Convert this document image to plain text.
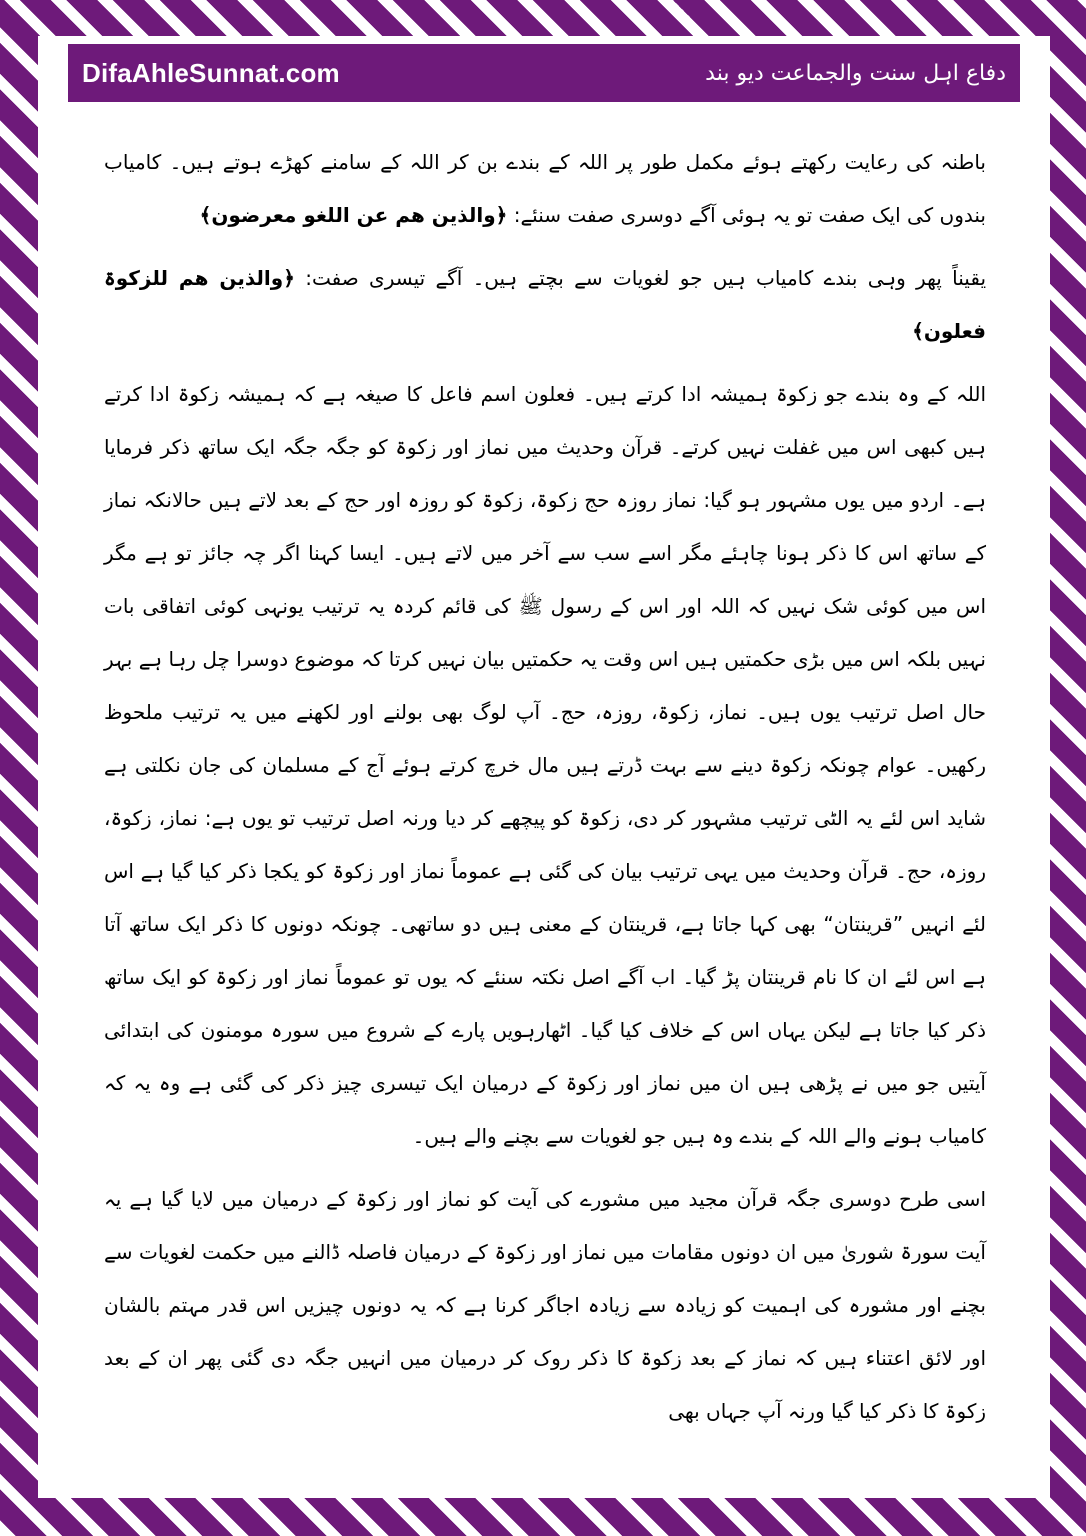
DifaAhleSunnat.com	دفاع اہل سنت والجماعت دیو بند

باطنہ کی رعایت رکھتے ہوئے مکمل طور پر اللہ کے بندے بن کر اللہ کے سامنے کھڑے ہوتے ہیں۔ کامیاب بندوں کی ایک صفت تو یہ ہوئی آگے دوسری صفت سنئے: ﴿والذین هم عن اللغو معرضون﴾

یقیناً پھر وہی بندے کامیاب ہیں جو لغویات سے بچتے ہیں۔ آگے تیسری صفت: ﴿والذین هم للزکوۃ فعلون﴾

اللہ کے وہ بندے جو زکوۃ ہمیشہ ادا کرتے ہیں۔ فعلون اسم فاعل کا صیغہ ہے کہ ہمیشہ زکوۃ ادا کرتے ہیں کبھی اس میں غفلت نہیں کرتے۔ قرآن وحدیث میں نماز اور زکوۃ کو جگہ جگہ ایک ساتھ ذکر فرمایا ہے۔ اردو میں یوں مشہور ہو گیا: نماز روزہ حج زکوۃ، زکوۃ کو روزہ اور حج کے بعد لاتے ہیں حالانکہ نماز کے ساتھ اس کا ذکر ہونا چاہئے مگر اسے سب سے آخر میں لاتے ہیں۔ ایسا کہنا اگر چہ جائز تو ہے مگر اس میں کوئی شک نہیں کہ اللہ اور اس کے رسول ﷺ کی قائم کردہ یہ ترتیب یونہی کوئی اتفاقی بات نہیں بلکہ اس میں بڑی حکمتیں ہیں اس وقت یہ حکمتیں بیان نہیں کرتا کہ موضوع دوسرا چل رہا ہے بہر حال اصل ترتیب یوں ہیں۔ نماز، زکوۃ، روزہ، حج۔ آپ لوگ بھی بولنے اور لکھنے میں یہ ترتیب ملحوظ رکھیں۔ عوام چونکہ زکوۃ دینے سے بہت ڈرتے ہیں مال خرچ کرتے ہوئے آج کے مسلمان کی جان نکلتی ہے شاید اس لئے یہ الٹی ترتیب مشہور کر دی، زکوۃ کو پیچھے کر دیا ورنہ اصل ترتیب تو یوں ہے: نماز، زکوۃ، روزہ، حج۔ قرآن وحدیث میں یہی ترتیب بیان کی گئی ہے عموماً نماز اور زکوۃ کو یکجا ذکر کیا گیا ہے اس لئے انہیں ”قرینتان“ بھی کہا جاتا ہے، قرینتان کے معنی ہیں دو ساتھی۔ چونکہ دونوں کا ذکر ایک ساتھ آتا ہے اس لئے ان کا نام قرینتان پڑ گیا۔ اب آگے اصل نکتہ سنئے کہ یوں تو عموماً نماز اور زکوۃ کو ایک ساتھ ذکر کیا جاتا ہے لیکن یہاں اس کے خلاف کیا گیا۔ اٹھارہویں پارے کے شروع میں سورہ مومنون کی ابتدائی آیتیں جو میں نے پڑھی ہیں ان میں نماز اور زکوۃ کے درمیان ایک تیسری چیز ذکر کی گئی ہے وہ یہ کہ کامیاب ہونے والے اللہ کے بندے وہ ہیں جو لغویات سے بچنے والے ہیں۔

اسی طرح دوسری جگہ قرآن مجید میں مشورے کی آیت کو نماز اور زکوۃ کے درمیان میں لایا گیا ہے یہ آیت سورۃ شوریٰ میں ان دونوں مقامات میں نماز اور زکوۃ کے درمیان فاصلہ ڈالنے میں حکمت لغویات سے بچنے اور مشورہ کی اہمیت کو زیادہ سے زیادہ اجاگر کرنا ہے کہ یہ دونوں چیزیں اس قدر مہتم بالشان اور لائق اعتناء ہیں کہ نماز کے بعد زکوۃ کا ذکر روک کر درمیان میں انہیں جگہ دی گئی پھر ان کے بعد زکوۃ کا ذکر کیا گیا ورنہ آپ جہاں بھی
